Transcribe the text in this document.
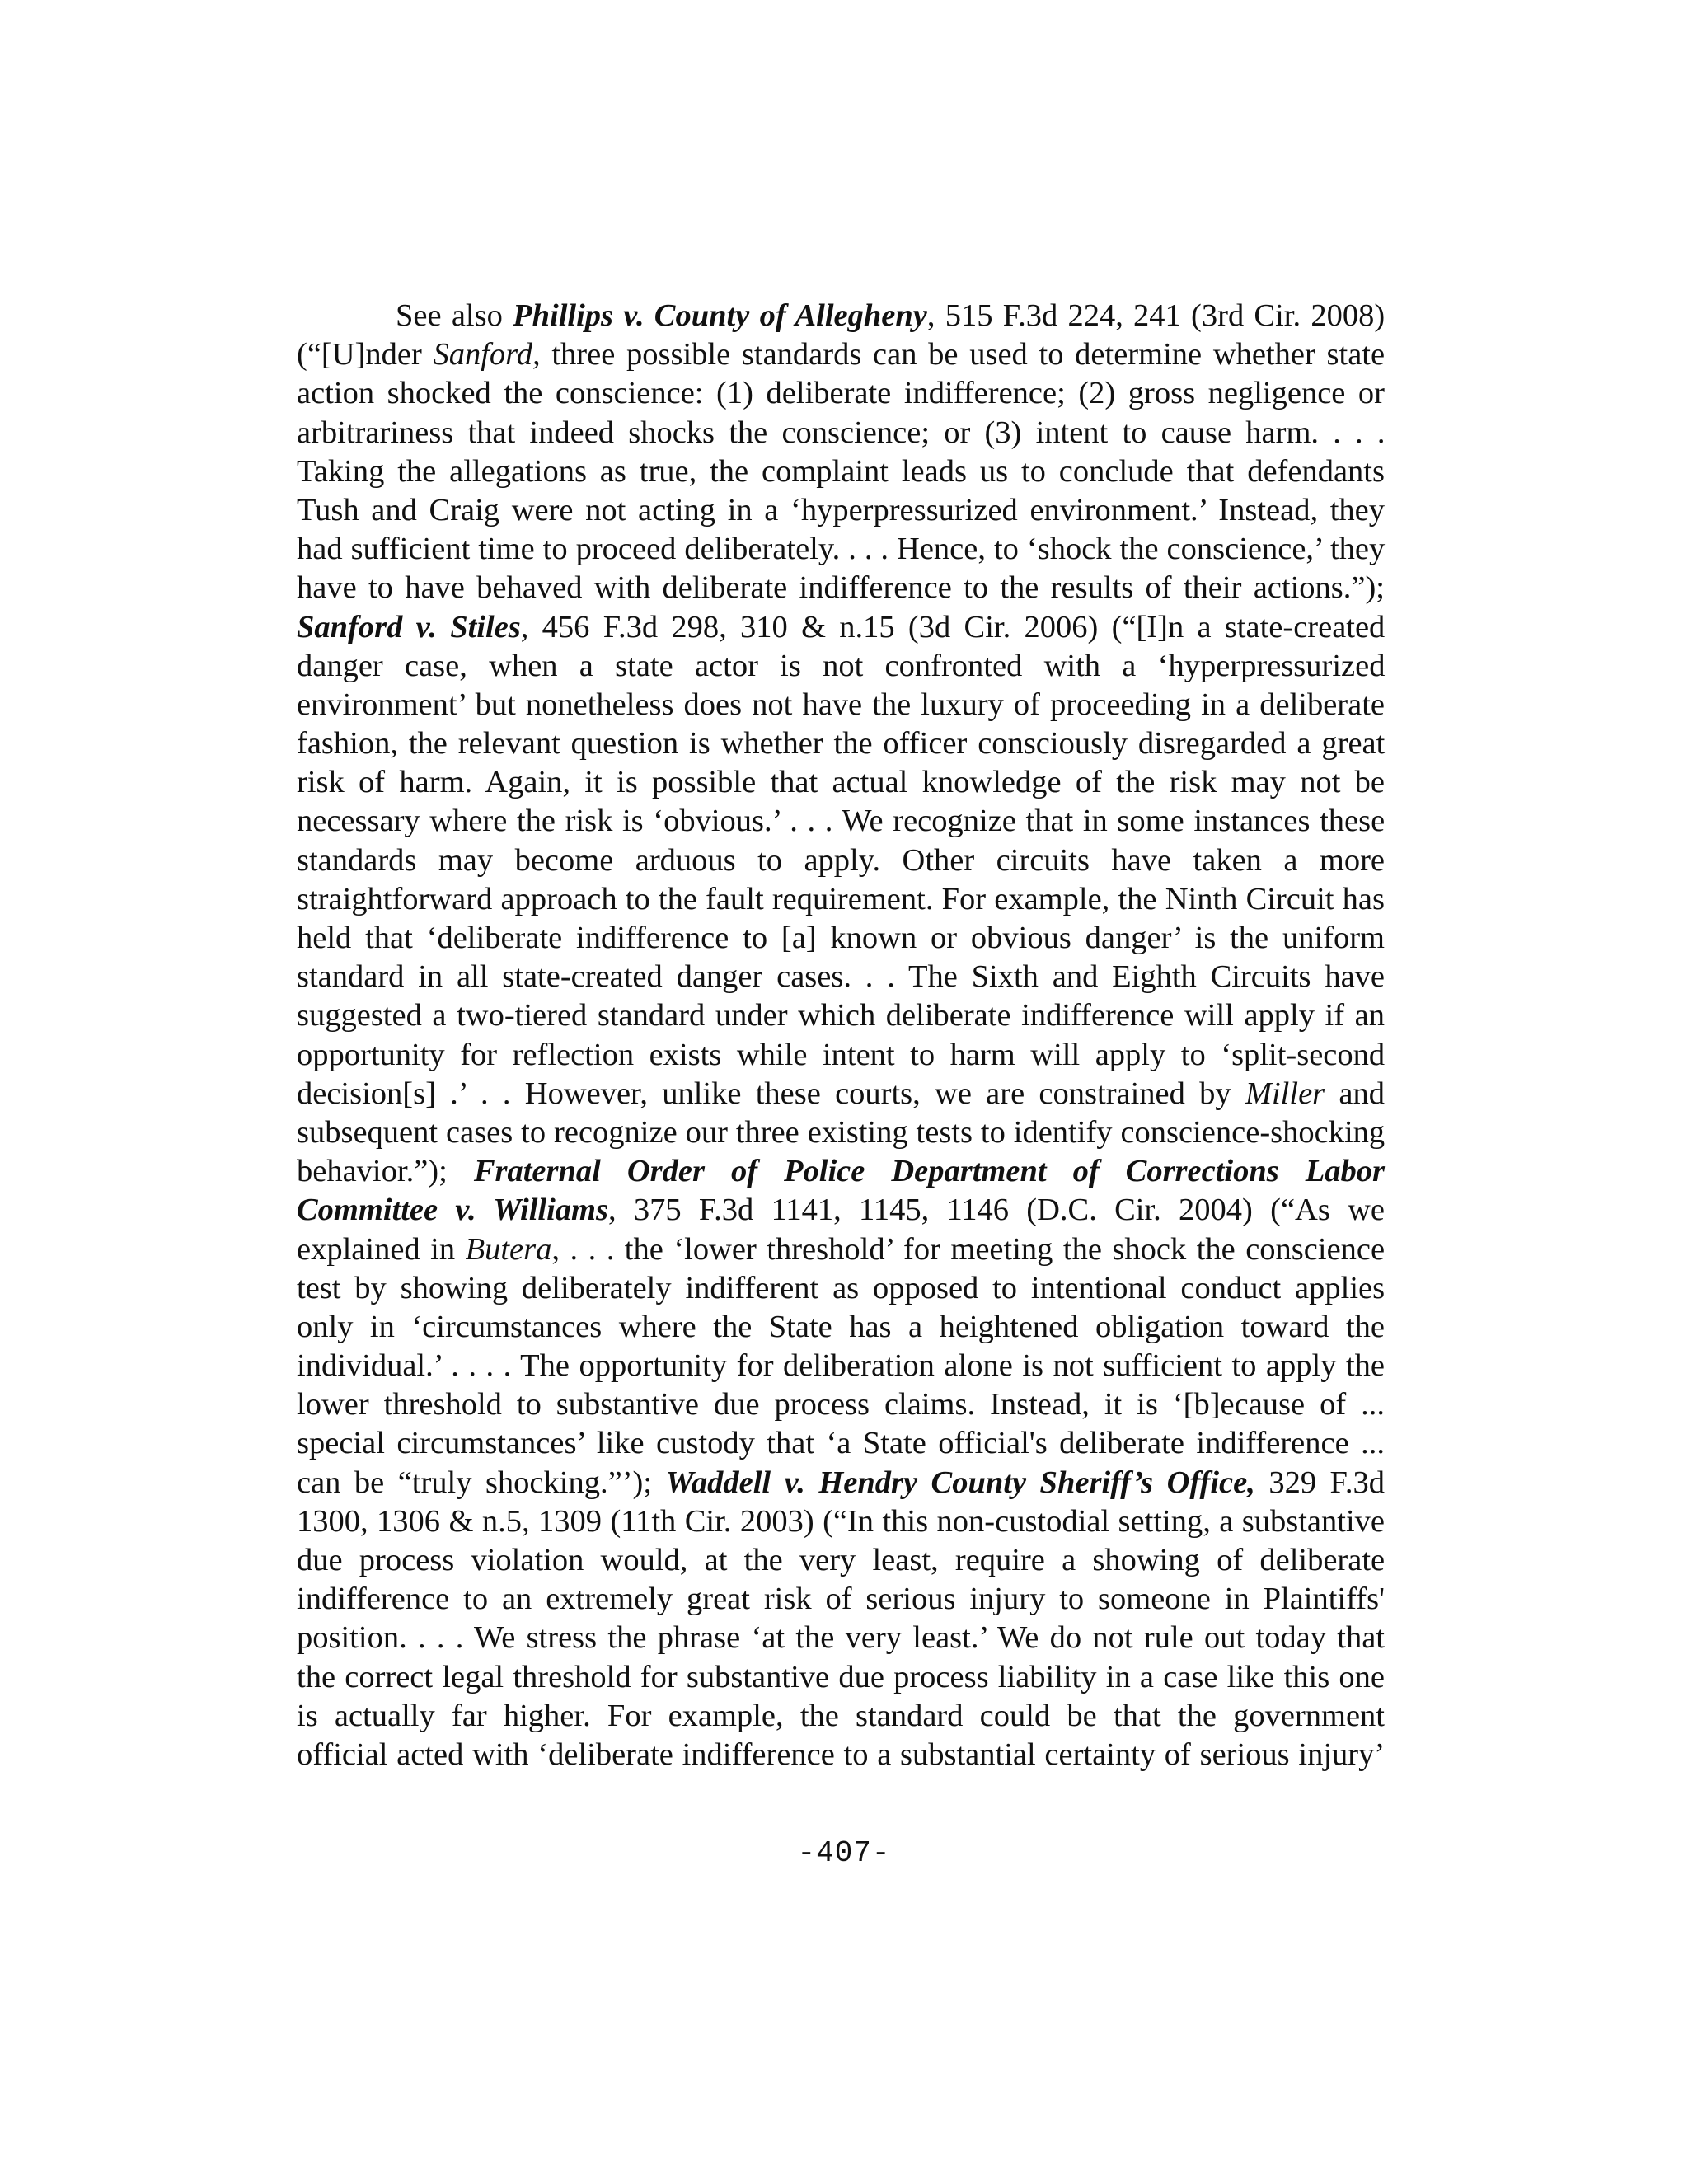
See also Phillips v. County of Allegheny, 515 F.3d 224, 241 (3rd Cir. 2008)
(“[U]nder Sanford, three possible standards can be used to determine whether state
action shocked the conscience: (1) deliberate indifference; (2) gross negligence or
arbitrariness that indeed shocks the conscience; or (3) intent to cause harm. . . .
Taking the allegations as true, the complaint leads us to conclude that defendants
Tush and Craig were not acting in a ‘hyperpressurized environment.’ Instead, they
had sufficient time to proceed deliberately. . . . Hence, to ‘shock the conscience,’ they
have to have behaved with deliberate indifference to the results of their actions.”);
Sanford v. Stiles, 456 F.3d 298, 310 & n.15 (3d Cir. 2006) (“[I]n a state-created
danger case, when a state actor is not confronted with a ‘hyperpressurized
environment’ but nonetheless does not have the luxury of proceeding in a deliberate
fashion, the relevant question is whether the officer consciously disregarded a great
risk of harm. Again, it is possible that actual knowledge of the risk may not be
necessary where the risk is ‘obvious.’ . . . We recognize that in some instances these
standards may become arduous to apply. Other circuits have taken a more
straightforward approach to the fault requirement. For example, the Ninth Circuit has
held that ‘deliberate indifference to [a] known or obvious danger’ is the uniform
standard in all state-created danger cases. . . The Sixth and Eighth Circuits have
suggested a two-tiered standard under which deliberate indifference will apply if an
opportunity for reflection exists while intent to harm will apply to ‘split-second
decision[s] .’ . . However, unlike these courts, we are constrained by Miller and
subsequent cases to recognize our three existing tests to identify conscience-shocking
behavior.”); Fraternal Order of Police Department of Corrections Labor
Committee v. Williams, 375 F.3d 1141, 1145, 1146 (D.C. Cir. 2004) (“As we
explained in Butera, . . . the ‘lower threshold’ for meeting the shock the conscience
test by showing deliberately indifferent as opposed to intentional conduct applies
only in ‘circumstances where the State has a heightened obligation toward the
individual.’ . . . . The opportunity for deliberation alone is not sufficient to apply the
lower threshold to substantive due process claims. Instead, it is ‘[b]ecause of ...
special circumstances’ like custody that ‘a State official's deliberate indifference ...
can be “truly shocking.”’); Waddell v. Hendry County Sheriff’s Office, 329 F.3d
1300, 1306 & n.5, 1309 (11th Cir. 2003) (“In this non-custodial setting, a substantive
due process violation would, at the very least, require a showing of deliberate
indifference to an extremely great risk of serious injury to someone in Plaintiffs'
position. . . . We stress the phrase ‘at the very least.’ We do not rule out today that
the correct legal threshold for substantive due process liability in a case like this one
is actually far higher. For example, the standard could be that the government
official acted with ‘deliberate indifference to a substantial certainty of serious injury’
-407-
